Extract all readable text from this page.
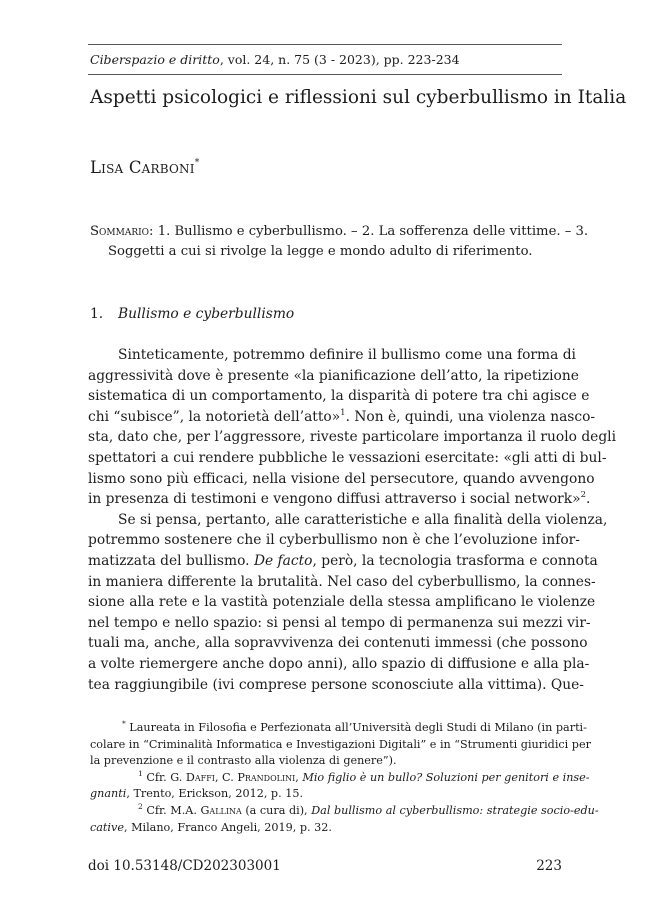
Ciberspazio e diritto, vol. 24, n. 75 (3 - 2023), pp. 223-234
Aspetti psicologici e riflessioni sul cyberbullismo in Italia
Lisa Carboni*
Sommario: 1. Bullismo e cyberbullismo. – 2. La sofferenza delle vittime. – 3.
Soggetti a cui si rivolge la legge e mondo adulto di riferimento.
1. Bullismo e cyberbullismo
Sinteticamente, potremmo definire il bullismo come una forma di
aggressività dove è presente «la pianificazione dell’atto, la ripetizione
sistematica di un comportamento, la disparità di potere tra chi agisce e
chi “subisce”, la notorietà dell’atto»$^1$. Non è, quindi, una violenza nasco-
sta, dato che, per l’aggressore, riveste particolare importanza il ruolo degli
spettatori a cui rendere pubbliche le vessazioni esercitate: «gli atti di bul-
lismo sono più efficaci, nella visione del persecutore, quando avvengono
in presenza di testimoni e vengono diffusi attraverso i social network»$^2$.
Se si pensa, pertanto, alle caratteristiche e alla finalità della violenza,
potremmo sostenere che il cyberbullismo non è che l’evoluzione infor-
matizzata del bullismo. De facto, però, la tecnologia trasforma e connota
in maniera differente la brutalità. Nel caso del cyberbullismo, la connes-
sione alla rete e la vastità potenziale della stessa amplificano le violenze
nel tempo e nello spazio: si pensi al tempo di permanenza sui mezzi vir-
tuali ma, anche, alla sopravvivenza dei contenuti immessi (che possono
a volte riemergere anche dopo anni), allo spazio di diffusione e alla pla-
tea raggiungibile (ivi comprese persone sconosciute alla vittima). Que-
* Laureata in Filosofia e Perfezionata all’Università degli Studi di Milano (in parti-
colare in “Criminalità Informatica e Investigazioni Digitali” e in “Strumenti giuridici per
la prevenzione e il contrasto alla violenza di genere”).
$^1$ Cfr. G. Daffi, C. Prandolini, Mio figlio è un bullo? Soluzioni per genitori e inse-
gnanti, Trento, Erickson, 2012, p. 15.
$^2$ Cfr. M.A. Gallina (a cura di), Dal bullismo al cyberbullismo: strategie socio-edu-
cative, Milano, Franco Angeli, 2019, p. 32.
doi 10.53148/CD202303001	223
